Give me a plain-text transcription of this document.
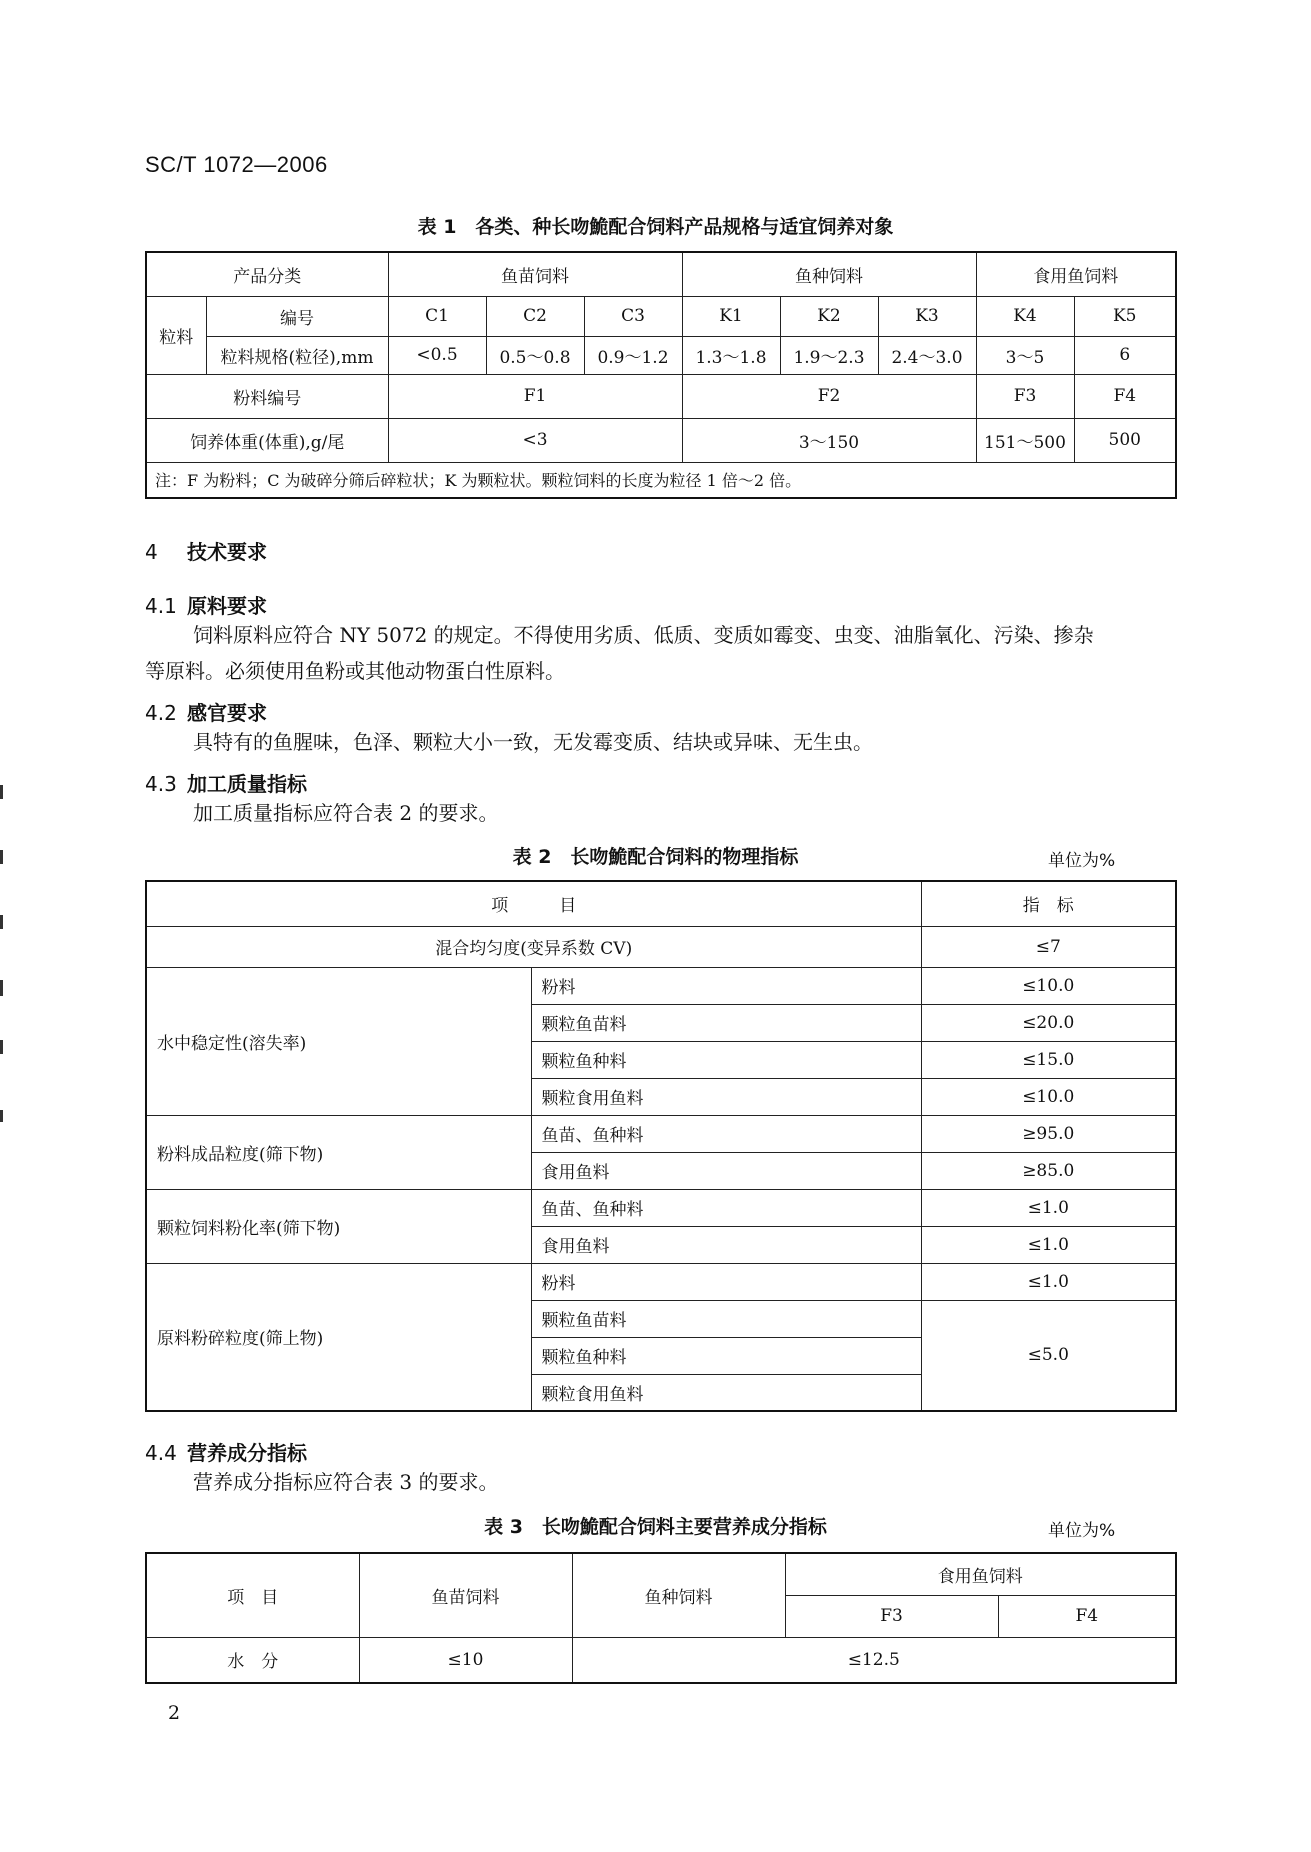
SC/T 1072—2006
表 1　各类、种长吻鮠配合饲料产品规格与适宜饲养对象
产品分类		鱼苗饲料			鱼种饲料			食用鱼饲料	
粒料	编号	C1	C2	C3	K1	K2	K3	K4	K5
	粒料规格(粒径),mm	<0.5	0.5～0.8	0.9～1.2	1.3～1.8	1.9～2.3	2.4～3.0	3～5	6
粉料编号		F1			F2			F3	F4
饲养体重(体重),g/尾		<3			3～150			151～500	500
注：F 为粉料；C 为破碎分筛后碎粒状；K 为颗粒状。颗粒饲料的长度为粒径 1 倍～2 倍。									
4 技术要求
4.1 原料要求
饲料原料应符合 NY 5072 的规定。不得使用劣质、低质、变质如霉变、虫变、油脂氧化、污染、掺杂
等原料。必须使用鱼粉或其他动物蛋白性原料。
4.2 感官要求
具特有的鱼腥味，色泽、颗粒大小一致，无发霉变质、结块或异味、无生虫。
4.3 加工质量指标
加工质量指标应符合表 2 的要求。
表 2　长吻鮠配合饲料的物理指标	单位为%
项　　　目		指　标
混合均匀度(变异系数 CV)		≤7
水中稳定性(溶失率)	粉料	≤10.0
	颗粒鱼苗料	≤20.0
	颗粒鱼种料	≤15.0
	颗粒食用鱼料	≤10.0
粉料成品粒度(筛下物)	鱼苗、鱼种料	≥95.0
	食用鱼料	≥85.0
颗粒饲料粉化率(筛下物)	鱼苗、鱼种料	≤1.0
	食用鱼料	≤1.0
原料粉碎粒度(筛上物)	粉料	≤1.0
	颗粒鱼苗料	≤5.0
	颗粒鱼种料	
	颗粒食用鱼料	
4.4 营养成分指标
营养成分指标应符合表 3 的要求。
表 3　长吻鮠配合饲料主要营养成分指标	单位为%
项　目	鱼苗饲料	鱼种饲料	食用鱼饲料	
			F3	F4
水　分	≤10	≤12.5		
2
